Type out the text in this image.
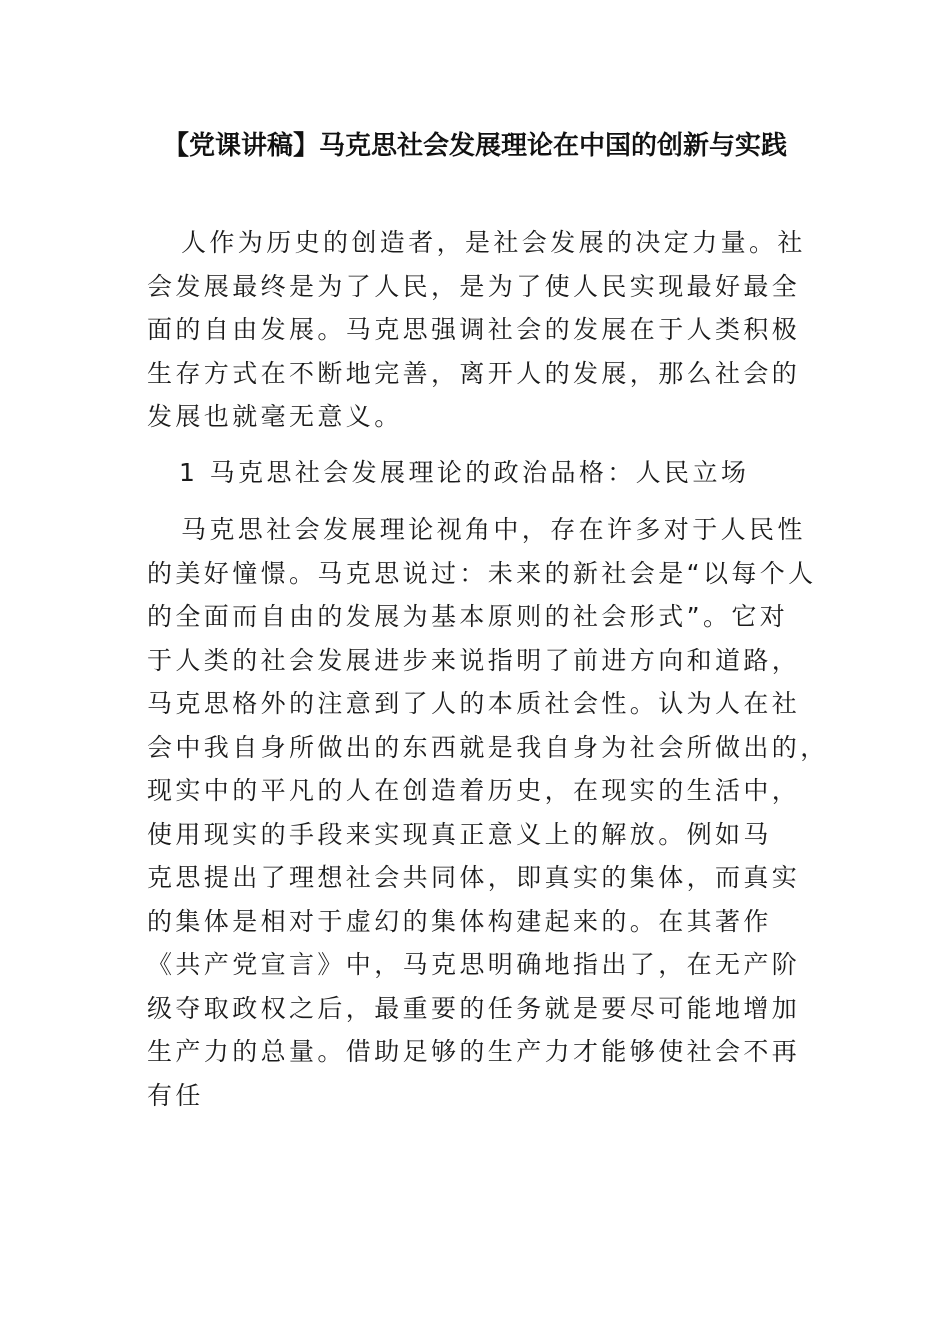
【党课讲稿】马克思社会发展理论在中国的创新与实践
人作为历史的创造者，是社会发展的决定力量。社
会发展最终是为了人民，是为了使人民实现最好最全
面的自由发展。马克思强调社会的发展在于人类积极
生存方式在不断地完善，离开人的发展，那么社会的
发展也就毫无意义。
1 马克思社会发展理论的政治品格：人民立场
马克思社会发展理论视角中，存在许多对于人民性
的美好憧憬。马克思说过：未来的新社会是“以每个人
的全面而自由的发展为基本原则的社会形式”。它对
于人类的社会发展进步来说指明了前进方向和道路，
马克思格外的注意到了人的本质社会性。认为人在社
会中我自身所做出的东西就是我自身为社会所做出的，
现实中的平凡的人在创造着历史，在现实的生活中，
使用现实的手段来实现真正意义上的解放。例如马
克思提出了理想社会共同体，即真实的集体，而真实
的集体是相对于虚幻的集体构建起来的。在其著作
《共产党宣言》中，马克思明确地指出了，在无产阶
级夺取政权之后，最重要的任务就是要尽可能地增加
生产力的总量。借助足够的生产力才能够使社会不再
有任
